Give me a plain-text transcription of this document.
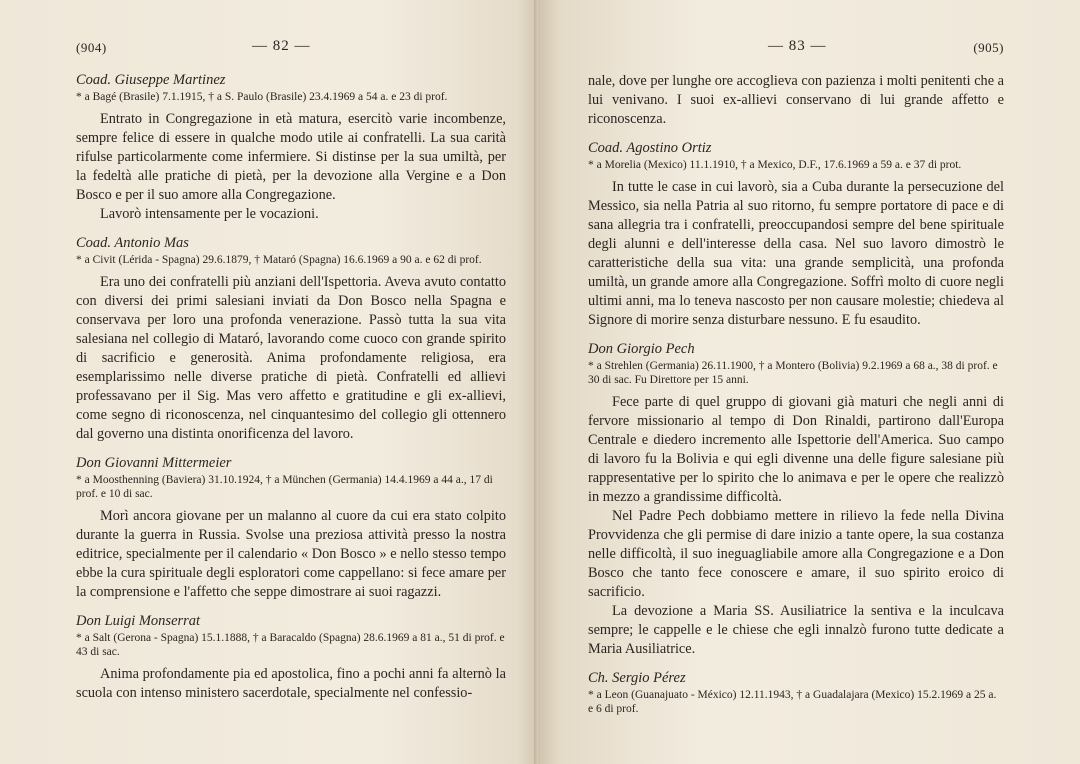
(904)	— 82 —
Coad. Giuseppe Martinez
* a Bagé (Brasile) 7.1.1915, † a S. Paulo (Brasile) 23.4.1969 a 54 a. e 23 di prof.

Entrato in Congregazione in età matura, esercitò varie incombenze, sempre felice di essere in qualche modo utile ai confratelli. La sua carità rifulse particolarmente come infermiere. Si distinse per la sua umiltà, per la fedeltà alle pratiche di pietà, per la devozione alla Vergine e a Don Bosco e per il suo amore alla Congregazione.

Lavorò intensamente per le vocazioni.

Coad. Antonio Mas
* a Civit (Lérida - Spagna) 29.6.1879, † Mataró (Spagna) 16.6.1969 a 90 a. e 62 di prof.

Era uno dei confratelli più anziani dell'Ispettoria. Aveva avuto contatto con diversi dei primi salesiani inviati da Don Bosco nella Spagna e conservava per loro una profonda venerazione. Passò tutta la sua vita salesiana nel collegio di Mataró, lavorando come cuoco con grande spirito di sacrificio e generosità. Anima profondamente religiosa, era esemplarissimo nelle diverse pratiche di pietà. Confratelli ed allievi professavano per il Sig. Mas vero affetto e gratitudine e gli ex-allievi, come segno di riconoscenza, nel cinquantesimo del collegio gli ottennero dal governo una distinta onorificenza del lavoro.

Don Giovanni Mittermeier
* a Moosthenning (Baviera) 31.10.1924, † a München (Germania) 14.4.1969 a 44 a., 17 di prof. e 10 di sac.

Morì ancora giovane per un malanno al cuore da cui era stato colpito durante la guerra in Russia. Svolse una preziosa attività presso la nostra editrice, specialmente per il calendario « Don Bosco » e nello stesso tempo ebbe la cura spirituale degli esploratori come cappellano: si fece amare per la comprensione e l'affetto che seppe dimostrare ai suoi ragazzi.

Don Luigi Monserrat
* a Salt (Gerona - Spagna) 15.1.1888, † a Baracaldo (Spagna) 28.6.1969 a 81 a., 51 di prof. e 43 di sac.

Anima profondamente pia ed apostolica, fino a pochi anni fa alternò la scuola con intenso ministero sacerdotale, specialmente nel confessio-

— 83 —	(905)

nale, dove per lunghe ore accoglieva con pazienza i molti penitenti che a lui venivano. I suoi ex-allievi conservano di lui grande affetto e riconoscenza.

Coad. Agostino Ortiz
* a Morelia (Mexico) 11.1.1910, † a Mexico, D.F., 17.6.1969 a 59 a. e 37 di prot.

In tutte le case in cui lavorò, sia a Cuba durante la persecuzione del Messico, sia nella Patria al suo ritorno, fu sempre portatore di pace e di sana allegria tra i confratelli, preoccupandosi sempre del bene spirituale degli alunni e dell'interesse della casa. Nel suo lavoro dimostrò le caratteristiche della sua vita: una grande semplicità, una profonda umiltà, un grande amore alla Congregazione. Soffrì molto di cuore negli ultimi anni, ma lo teneva nascosto per non causare molestie; chiedeva al Signore di morire senza disturbare nessuno. E fu esaudito.

Don Giorgio Pech
* a Strehlen (Germania) 26.11.1900, † a Montero (Bolivia) 9.2.1969 a 68 a., 38 di prof. e 30 di sac. Fu Direttore per 15 anni.

Fece parte di quel gruppo di giovani già maturi che negli anni di fervore missionario al tempo di Don Rinaldi, partirono dall'Europa Centrale e diedero incremento alle Ispettorie dell'America. Suo campo di lavoro fu la Bolivia e qui egli divenne una delle figure salesiane più rappresentative per lo spirito che lo animava e per le opere che realizzò in mezzo a grandissime difficoltà.

Nel Padre Pech dobbiamo mettere in rilievo la fede nella Divina Provvidenza che gli permise di dare inizio a tante opere, la sua costanza nelle difficoltà, il suo ineguagliabile amore alla Congregazione e a Don Bosco che tanto fece conoscere e amare, il suo spirito eroico di sacrificio.

La devozione a Maria SS. Ausiliatrice la sentiva e la inculcava sempre; le cappelle e le chiese che egli innalzò furono tutte dedicate a Maria Ausiliatrice.

Ch. Sergio Pérez
* a Leon (Guanajuato - México) 12.11.1943, † a Guadalajara (Mexico) 15.2.1969 a 25 a. e 6 di prof.
